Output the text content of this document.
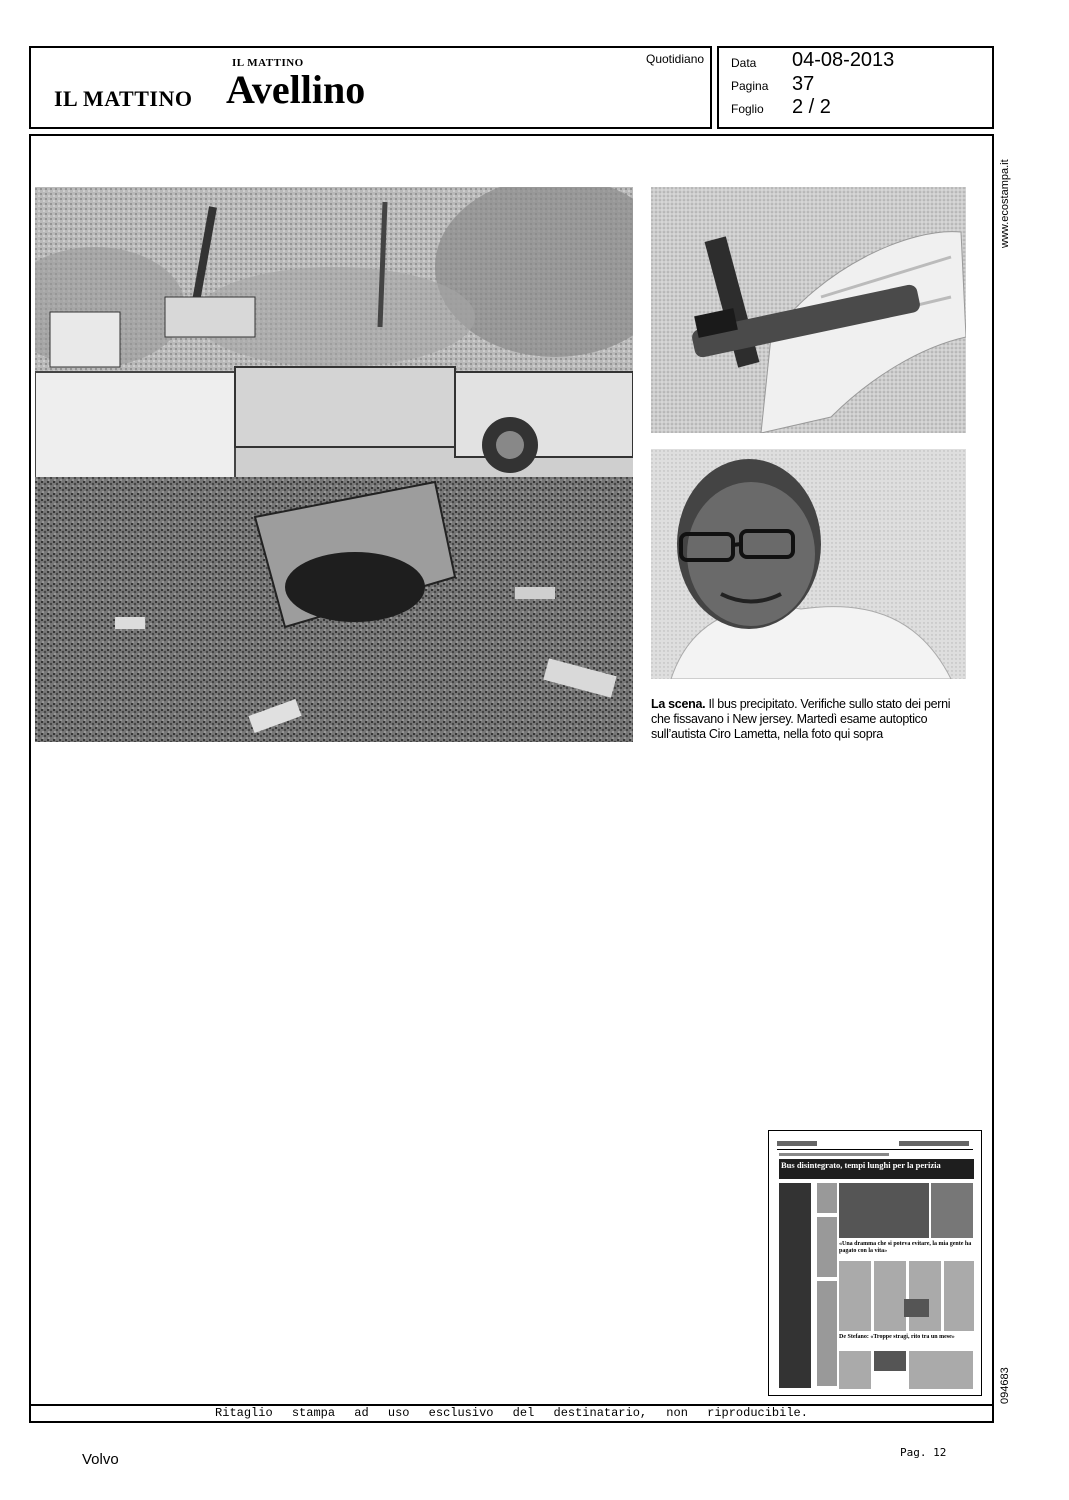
IL MATTINO
IL MATTINO Avellino
Quotidiano Data 04-08-2013
Pagina 37
Foglio 2 / 2
www.ecostampa.it
094683
La scena. Il bus precipitato. Verifiche sullo stato dei perni che fissavano i New jersey. Martedì esame autoptico sull’autista Ciro Lametta, nella foto qui sopra
Bus disintegrato, tempi lunghi per la perizia
«Una dramma che si poteva evitare, la mia gente ha pagato con la vita»
De Stefano: «Troppe stragi, rito tra un mese»
Ritaglio stampa ad uso esclusivo del destinatario, non riproducibile.
Volvo	Pag. 12
